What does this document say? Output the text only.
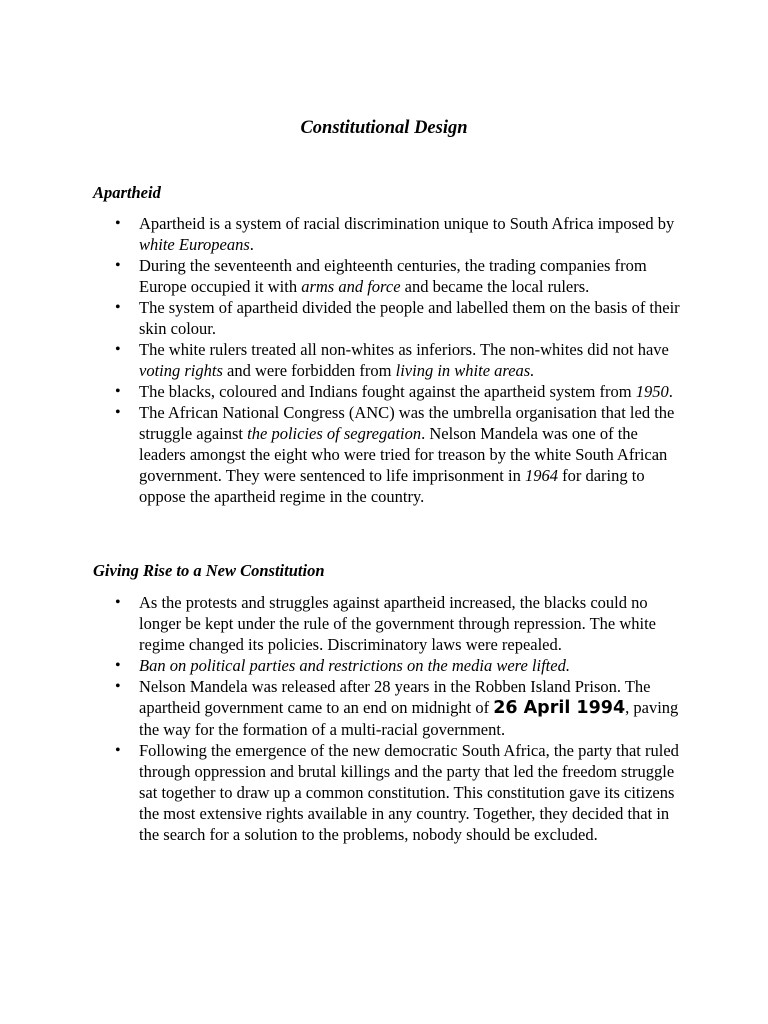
Constitutional Design
Apartheid
• Apartheid is a system of racial discrimination unique to South Africa imposed by white Europeans.
• During the seventeenth and eighteenth centuries, the trading companies from Europe occupied it with arms and force and became the local rulers.
• The system of apartheid divided the people and labelled them on the basis of their skin colour.
• The white rulers treated all non-whites as inferiors. The non-whites did not have voting rights and were forbidden from living in white areas.
• The blacks, coloured and Indians fought against the apartheid system from 1950.
• The African National Congress (ANC) was the umbrella organisation that led the struggle against the policies of segregation. Nelson Mandela was one of the leaders amongst the eight who were tried for treason by the white South African government. They were sentenced to life imprisonment in 1964 for daring to oppose the apartheid regime in the country.
Giving Rise to a New Constitution
• As the protests and struggles against apartheid increased, the blacks could no longer be kept under the rule of the government through repression. The white regime changed its policies. Discriminatory laws were repealed.
• Ban on political parties and restrictions on the media were lifted.
• Nelson Mandela was released after 28 years in the Robben Island Prison. The apartheid government came to an end on midnight of 26 April 1994, paving the way for the formation of a multi-racial government.
• Following the emergence of the new democratic South Africa, the party that ruled through oppression and brutal killings and the party that led the freedom struggle sat together to draw up a common constitution. This constitution gave its citizens the most extensive rights available in any country. Together, they decided that in the search for a solution to the problems, nobody should be excluded.
